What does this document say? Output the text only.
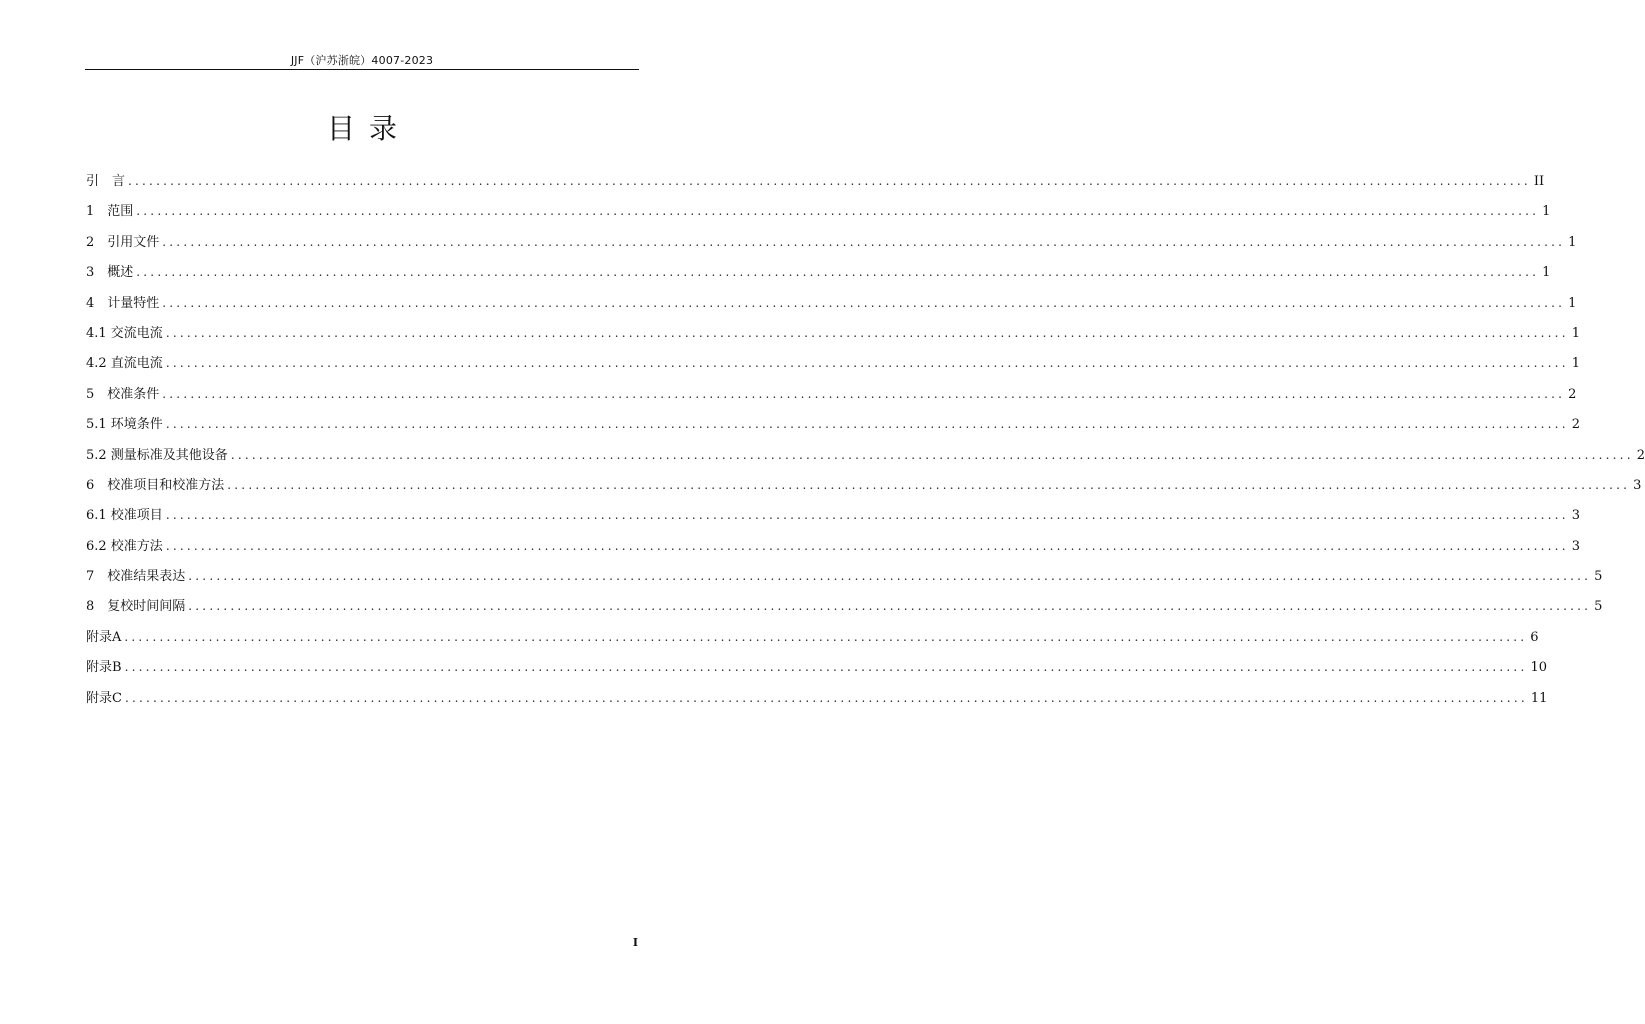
JJF（沪苏浙皖）4007-2023
目录
引　言 ........................................................................................................................................................................................................ II
1　范围 ........................................................................................................................................................................................................ 1
2　引用文件 ........................................................................................................................................................................................................ 1
3　概述 ........................................................................................................................................................................................................ 1
4　计量特性 ........................................................................................................................................................................................................ 1
4.1 交流电流 ........................................................................................................................................................................................................ 1
4.2 直流电流 ........................................................................................................................................................................................................ 1
5　校准条件 ........................................................................................................................................................................................................ 2
5.1 环境条件 ........................................................................................................................................................................................................ 2
5.2 测量标准及其他设备 ........................................................................................................................................................................................................ 2
6　校准项目和校准方法 ........................................................................................................................................................................................................ 3
6.1 校准项目 ........................................................................................................................................................................................................ 3
6.2 校准方法 ........................................................................................................................................................................................................ 3
7　校准结果表达 ........................................................................................................................................................................................................ 5
8　复校时间间隔 ........................................................................................................................................................................................................ 5
附录A ........................................................................................................................................................................................................ 6
附录B ........................................................................................................................................................................................................ 10
附录C ........................................................................................................................................................................................................ 11
I
